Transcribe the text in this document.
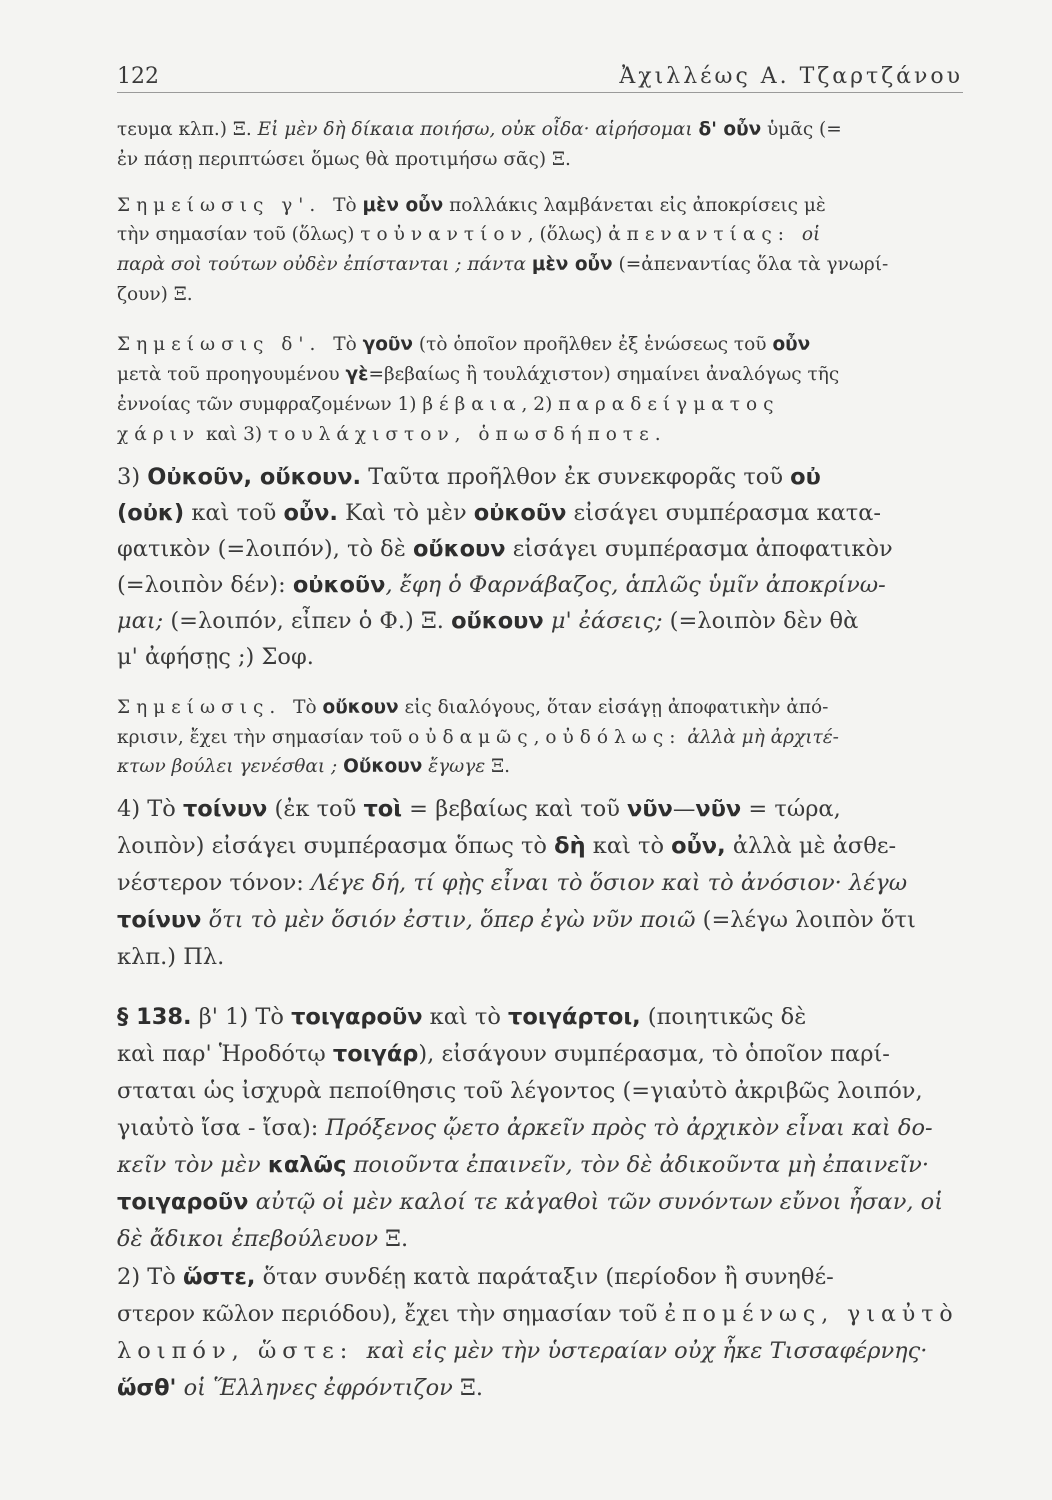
122	Ἀχιλλέως Α. Τζαρτζάνου

τευμα κλπ.) Ξ. Εἰ μὲν δὴ δίκαια ποιήσω, οὐκ οἶδα· αἱρήσομαι δ' οὖν ὑμᾶς (=

ἐν πάσῃ περιπτώσει ὅμως θὰ προτιμήσω σᾶς) Ξ.

Σημείωσις γ'. Τὸ μὲν οὖν πολλάκις λαμβάνεται εἰς ἀποκρίσεις μὲ

τὴν σημασίαν τοῦ (ὅλως) τοὐναντίον, (ὅλως) ἀπεναντίας: οἱ

παρὰ σοὶ τούτων οὐδὲν ἐπίστανται ; πάντα μὲν οὖν (=ἀπεναντίας ὅλα τὰ γνωρί-

ζουν) Ξ.

Σημείωσις δ'. Τὸ γοῦν (τὸ ὁποῖον προῆλθεν ἐξ ἑνώσεως τοῦ οὖν

μετὰ τοῦ προηγουμένου γὲ=βεβαίως ἢ τουλάχιστον) σημαίνει ἀναλόγως τῆς

ἐννοίας τῶν συμφραζομένων 1) βέβαια, 2) παραδείγματος

χάριν καὶ 3) τουλάχιστον, ὁπωσδήποτε.

3) Οὐκοῦν, οὔκουν. Ταῦτα προῆλθον ἐκ συνεκφορᾶς τοῦ οὐ

(οὐκ) καὶ τοῦ οὖν. Καὶ τὸ μὲν οὐκοῦν εἰσάγει συμπέρασμα κατα-

φατικὸν (=λοιπόν), τὸ δὲ οὔκουν εἰσάγει συμπέρασμα ἀποφατικὸν

(=λοιπὸν δέν): οὐκοῦν, ἔφη ὁ Φαρνάβαζος, ἁπλῶς ὑμῖν ἀποκρίνω-

μαι; (=λοιπόν, εἶπεν ὁ Φ.) Ξ. οὔκουν μ' ἐάσεις; (=λοιπὸν δὲν θὰ

μ' ἀφήσῃς ;) Σοφ.

Σημείωσις. Τὸ οὔκουν εἰς διαλόγους, ὅταν εἰσάγῃ ἀποφατικὴν ἀπό-

κρισιν, ἔχει τὴν σημασίαν τοῦ οὐδαμῶς, οὐδόλως: ἀλλὰ μὴ ἀρχιτέ-

κτων βούλει γενέσθαι ; Οὔκουν ἔγωγε Ξ.

4) Τὸ τοίνυν (ἐκ τοῦ τοὶ = βεβαίως καὶ τοῦ νῦν—νῦν = τώρα,

λοιπὸν) εἰσάγει συμπέρασμα ὅπως τὸ δὴ καὶ τὸ οὖν, ἀλλὰ μὲ ἀσθε-

νέστερον τόνον: Λέγε δή, τί φῂς εἶναι τὸ ὅσιον καὶ τὸ ἀνόσιον· λέγω

τοίνυν ὅτι τὸ μὲν ὅσιόν ἐστιν, ὅπερ ἐγὼ νῦν ποιῶ (=λέγω λοιπὸν ὅτι

κλπ.) Πλ.

§ 138. β' 1) Τὸ τοιγαροῦν καὶ τὸ τοιγάρτοι, (ποιητικῶς δὲ

καὶ παρ' Ἡροδότῳ τοιγάρ), εἰσάγουν συμπέρασμα, τὸ ὁποῖον παρί-

σταται ὡς ἰσχυρὰ πεποίθησις τοῦ λέγοντος (=γιαὐτὸ ἀκριβῶς λοιπόν,

γιαὐτὸ ἴσα - ἴσα): Πρόξενος ᾤετο ἀρκεῖν πρὸς τὸ ἀρχικὸν εἶναι καὶ δο-

κεῖν τὸν μὲν καλῶς ποιοῦντα ἐπαινεῖν, τὸν δὲ ἀδικοῦντα μὴ ἐπαινεῖν·

τοιγαροῦν αὐτῷ οἱ μὲν καλοί τε κἀγαθοὶ τῶν συνόντων εὔνοι ἦσαν, οἱ

δὲ ἄδικοι ἐπεβούλευον Ξ.

2) Τὸ ὥστε, ὅταν συνδέῃ κατὰ παράταξιν (περίοδον ἢ συνηθέ-

στερον κῶλον περιόδου), ἔχει τὴν σημασίαν τοῦ ἐπομένως, γιαὐτὸ

λοιπόν, ὥστε: καὶ εἰς μὲν τὴν ὑστεραίαν οὐχ ἧκε Τισσαφέρνης·

ὥσθ' οἱ Ἕλληνες ἐφρόντιζον Ξ.
